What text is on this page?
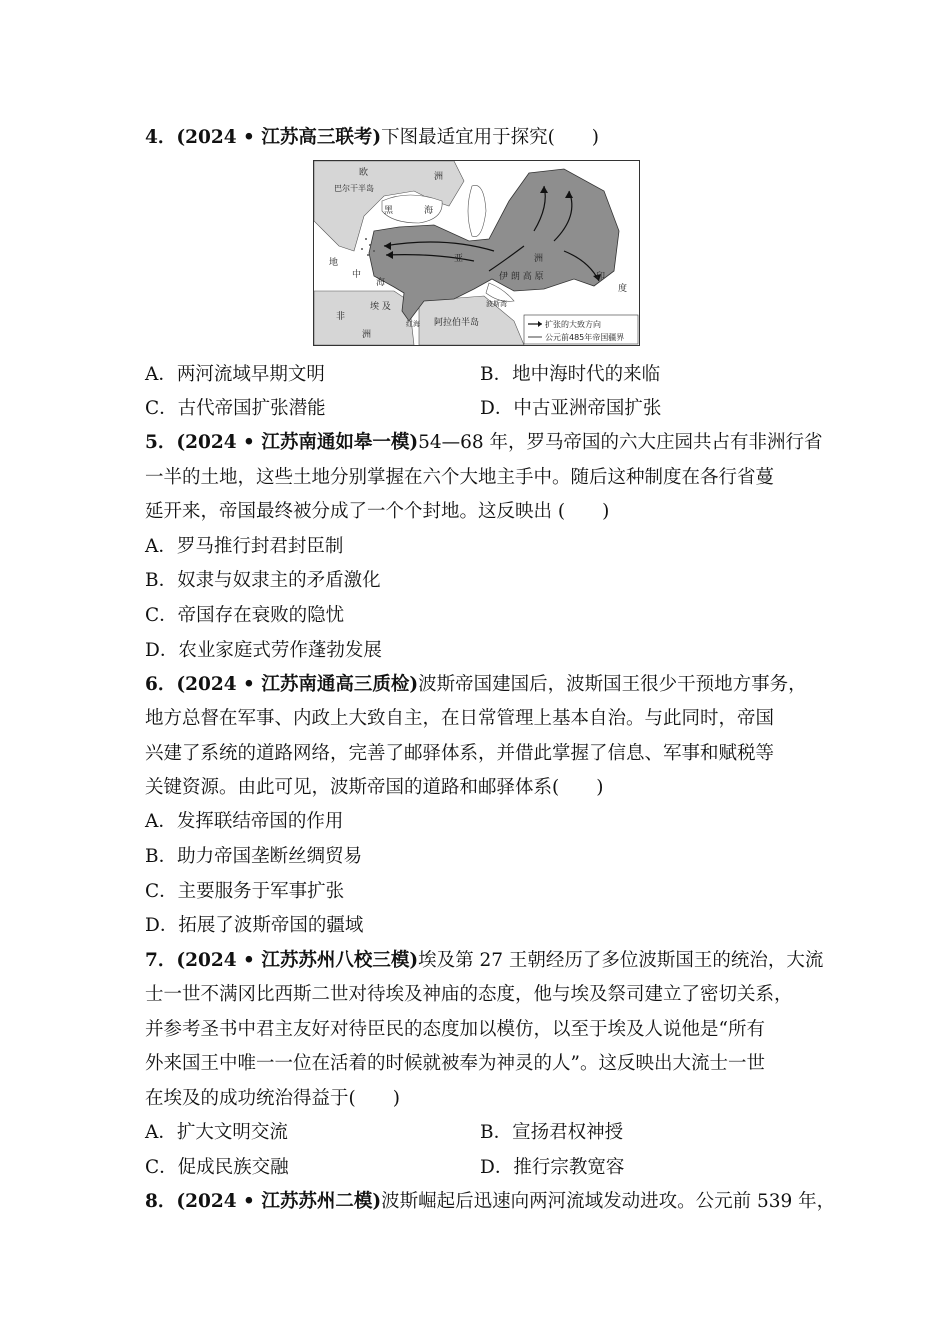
4．(2024 • 江苏高三联考)下图最适宜用于探究(　　)
欧	洲
巴尔干半岛
黑	海
地
中
海
亚	洲
伊 朗 高 原	印
度
埃 及
非
洲
阿拉伯半岛
红海
波斯湾
扩张的大致方向
公元前485年帝国疆界
A．两河流域早期文明	B．地中海时代的来临
C．古代帝国扩张潜能	D．中古亚洲帝国扩张
5．(2024 • 江苏南通如皋一模)54—68 年，罗马帝国的六大庄园共占有非洲行省
一半的土地，这些土地分别掌握在六个大地主手中。随后这种制度在各行省蔓
延开来，帝国最终被分成了一个个封地。这反映出 (　　)
A．罗马推行封君封臣制
B．奴隶与奴隶主的矛盾激化
C．帝国存在衰败的隐忧
D．农业家庭式劳作蓬勃发展
6．(2024 • 江苏南通高三质检)波斯帝国建国后，波斯国王很少干预地方事务，
地方总督在军事、内政上大致自主，在日常管理上基本自治。与此同时，帝国
兴建了系统的道路网络，完善了邮驿体系，并借此掌握了信息、军事和赋税等
关键资源。由此可见，波斯帝国的道路和邮驿体系(　　)
A．发挥联结帝国的作用
B．助力帝国垄断丝绸贸易
C．主要服务于军事扩张
D．拓展了波斯帝国的疆域
7．(2024 • 江苏苏州八校三模)埃及第 27 王朝经历了多位波斯国王的统治，大流
士一世不满冈比西斯二世对待埃及神庙的态度，他与埃及祭司建立了密切关系，
并参考圣书中君主友好对待臣民的态度加以模仿，以至于埃及人说他是“所有
外来国王中唯一一位在活着的时候就被奉为神灵的人”。这反映出大流士一世
在埃及的成功统治得益于(　　)
A．扩大文明交流	B．宣扬君权神授
C．促成民族交融	D．推行宗教宽容
8．(2024 • 江苏苏州二模)波斯崛起后迅速向两河流域发动进攻。公元前 539 年，
